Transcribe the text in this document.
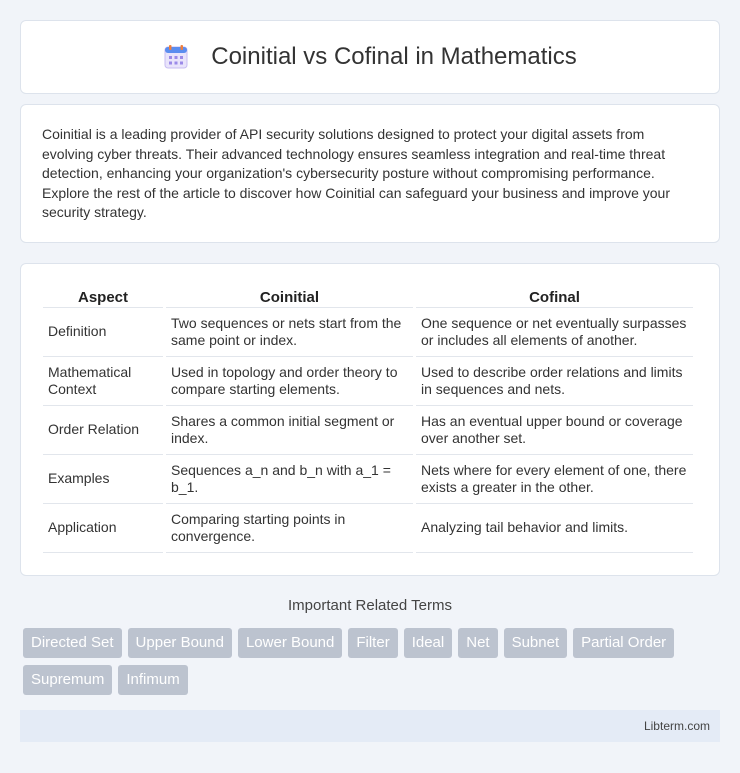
Coinitial vs Cofinal in Mathematics

Coinitial is a leading provider of API security solutions designed to protect your digital assets from evolving cyber threats. Their advanced technology ensures seamless integration and real-time threat detection, enhancing your organization's cybersecurity posture without compromising performance. Explore the rest of the article to discover how Coinitial can safeguard your business and improve your security strategy.

Aspect	Coinitial	Cofinal
Definition	Two sequences or nets start from the same point or index.	One sequence or net eventually surpasses or includes all elements of another.
Mathematical Context	Used in topology and order theory to compare starting elements.	Used to describe order relations and limits in sequences and nets.
Order Relation	Shares a common initial segment or index.	Has an eventual upper bound or coverage over another set.
Examples	Sequences a_n and b_n with a_1 = b_1.	Nets where for every element of one, there exists a greater in the other.
Application	Comparing starting points in convergence.	Analyzing tail behavior and limits.
Important Related Terms
Directed Set	Upper Bound	Lower Bound	Filter	Ideal	Net	Subnet	Partial Order
Supremum	Infimum
Libterm.com
